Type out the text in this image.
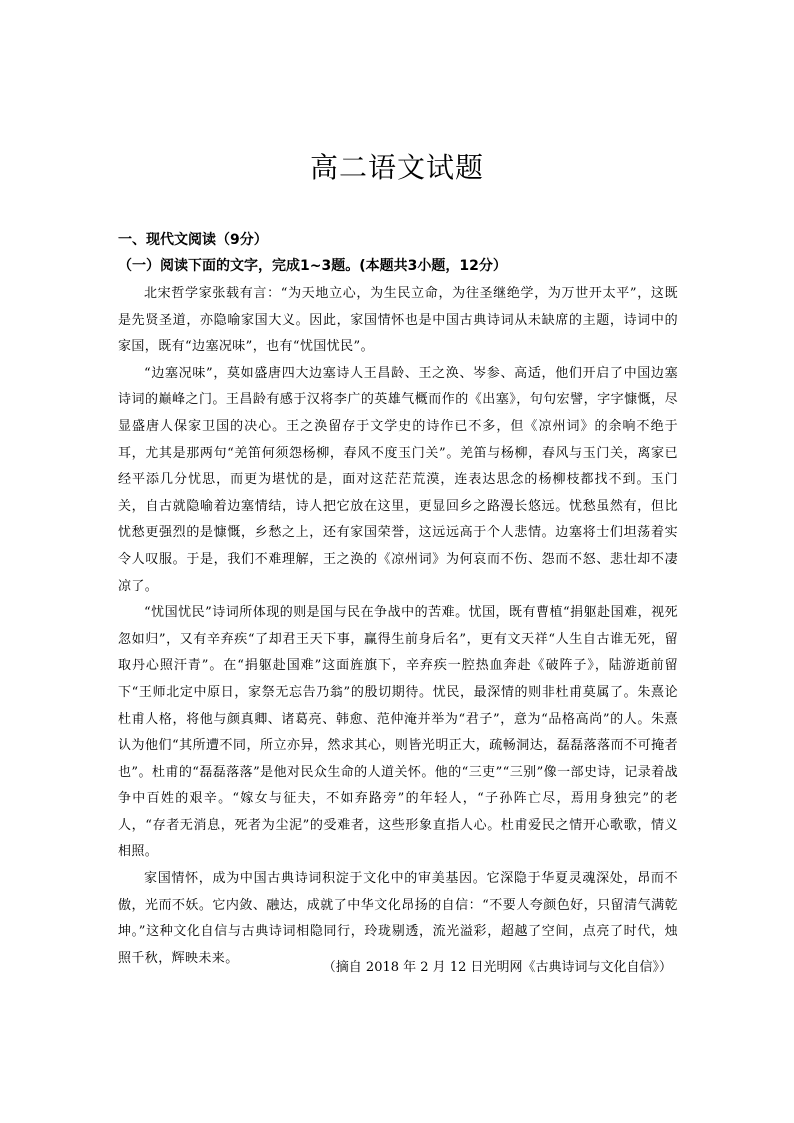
高二语文试题
一、现代文阅读（9分）
（一）阅读下面的文字，完成1~3题。(本题共3小题，12分）

北宋哲学家张载有言：“为天地立心，为生民立命，为往圣继绝学，为万世开太平”，这既是先贤圣道，亦隐喻家国大义。因此，家国情怀也是中国古典诗词从未缺席的主题，诗词中的家国，既有“边塞况味”，也有“忧国忧民”。

“边塞况味”，莫如盛唐四大边塞诗人王昌龄、王之涣、岑参、高适，他们开启了中国边塞诗词的巅峰之门。王昌龄有感于汉将李广的英雄气概而作的《出塞》，句句宏譬，字字慷慨，尽显盛唐人保家卫国的决心。王之涣留存于文学史的诗作已不多，但《凉州词》的余响不绝于耳，尤其是那两句“羌笛何须怨杨柳，春风不度玉门关”。羌笛与杨柳，春风与玉门关，离家已经平添几分忧思，而更为堪忧的是，面对这茫茫荒漠，连表达思念的杨柳枝都找不到。玉门关，自古就隐喻着边塞情结，诗人把它放在这里，更显回乡之路漫长悠远。忧愁虽然有，但比忧愁更强烈的是慷慨，乡愁之上，还有家国荣誉，这远远高于个人悲情。边塞将士们坦荡着实令人叹服。于是，我们不难理解，王之涣的《凉州词》为何哀而不伤、怨而不怒、悲壮却不凄凉了。

“忧国忧民”诗词所体现的则是国与民在争战中的苦难。忧国，既有曹植“捐躯赴国难，视死忽如归”，又有辛弃疾“了却君王天下事，赢得生前身后名”，更有文天祥“人生自古谁无死，留取丹心照汗青”。在“捐躯赴国难”这面旌旗下，辛弃疾一腔热血奔赴《破阵子》，陆游逝前留下“王师北定中原日，家祭无忘告乃翁”的殷切期待。忧民，最深情的则非杜甫莫属了。朱熹论杜甫人格，将他与颜真卿、诸葛亮、韩愈、范仲淹并举为“君子”，意为“品格高尚”的人。朱熹认为他们“其所遭不同，所立亦异，然求其心，则皆光明正大，疏畅洞达，磊磊落落而不可掩者也”。杜甫的“磊磊落落”是他对民众生命的人道关怀。他的“三吏”“三别”像一部史诗，记录着战争中百姓的艰辛。“嫁女与征夫，不如弃路旁”的年轻人，“子孙阵亡尽，焉用身独完”的老人，“存者无消息，死者为尘泥”的受难者，这些形象直指人心。杜甫爱民之情开心歌歌，情义相照。

家国情怀，成为中国古典诗词积淀于文化中的审美基因。它深隐于华夏灵魂深处，昂而不傲，光而不妖。它内敛、融达，成就了中华文化昂扬的自信：“不要人夸颜色好，只留清气满乾坤。”这种文化自信与古典诗词相隐同行，玲珑剔透，流光溢彩，超越了空间，点亮了时代，烛照千秋，辉映未来。

（摘自 2018 年 2 月 12 日光明网《古典诗词与文化自信》）
